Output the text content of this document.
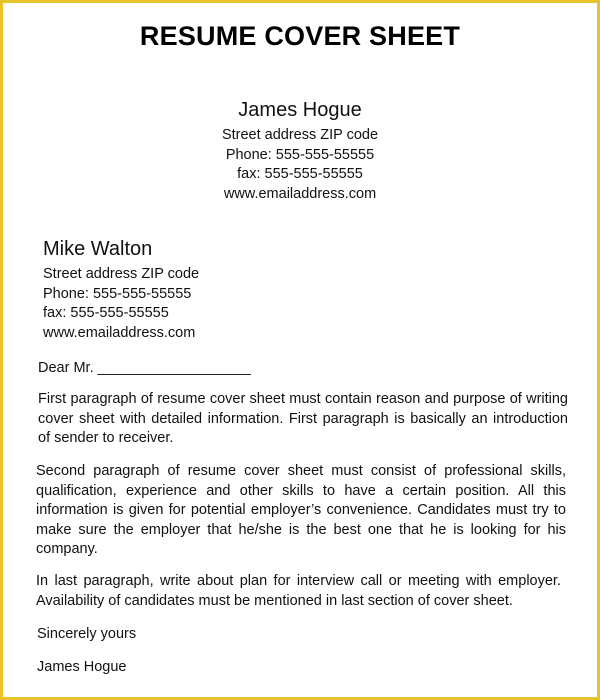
RESUME COVER SHEET
James Hogue
Street address ZIP code
Phone: 555-555-55555
fax: 555-555-55555
www.emailaddress.com
Mike Walton
Street address ZIP code
Phone: 555-555-55555
fax: 555-555-55555
www.emailaddress.com
Dear Mr. ___________________
First paragraph of resume cover sheet must contain reason and purpose of writing cover sheet with detailed information. First paragraph is basically an introduction of sender to receiver.
Second paragraph of resume cover sheet must consist of professional skills, qualification, experience and other skills to have a certain position. All this information is given for potential employer’s convenience. Candidates must try to make sure the employer that he/she is the best one that he is looking for his company.
In last paragraph, write about plan for interview call or meeting with employer. Availability of candidates must be mentioned in last section of cover sheet.
Sincerely yours
James Hogue
